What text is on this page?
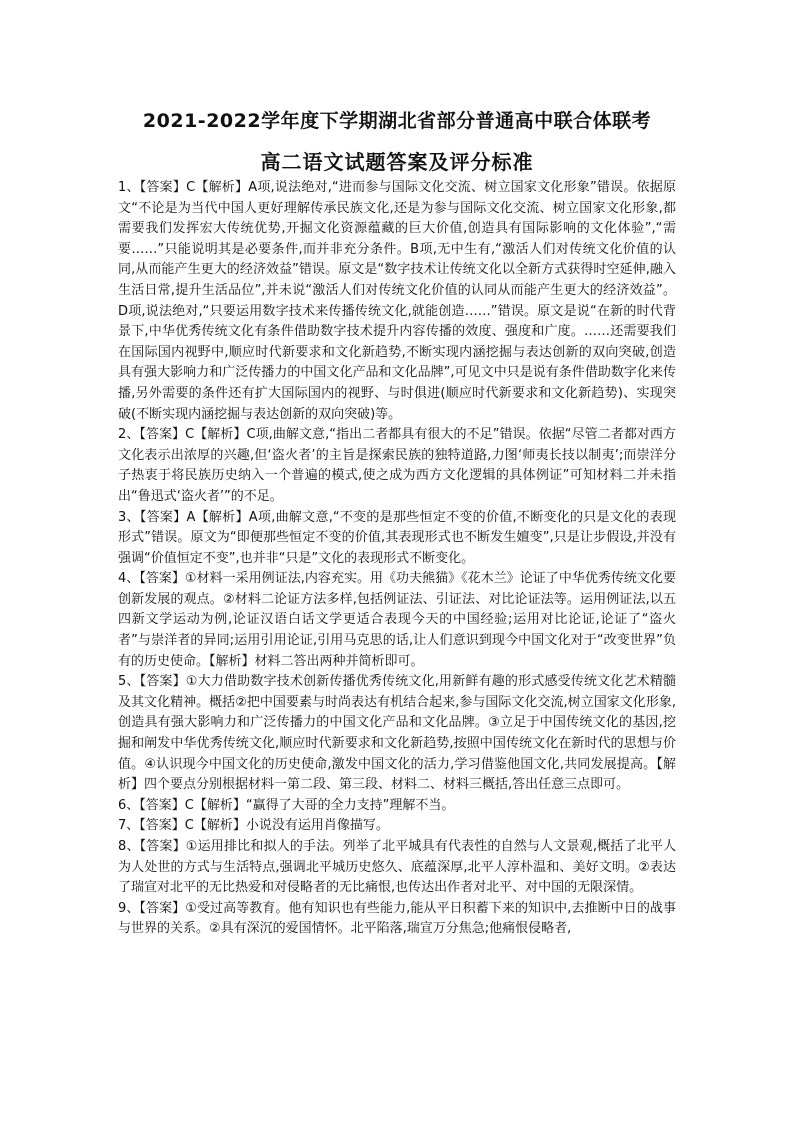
2021-2022学年度下学期湖北省部分普通高中联合体联考
高二语文试题答案及评分标准

1、【答案】C【解析】A项,说法绝对,“进而参与国际文化交流、树立国家文化形象”错误。依据原文“不论是为当代中国人更好理解传承民族文化,还是为参与国际文化交流、树立国家文化形象,都需要我们发挥宏大传统优势,开掘文化资源蕴藏的巨大价值,创造具有国际影响的文化体验”,“需要……”只能说明其是必要条件,而并非充分条件。B项,无中生有,“激活人们对传统文化价值的认同,从而能产生更大的经济效益”错误。原文是“数字技术让传统文化以全新方式获得时空延伸,融入生活日常,提升生活品位”,并未说“激活人们对传统文化价值的认同从而能产生更大的经济效益”。D项,说法绝对,“只要运用数字技术来传播传统文化,就能创造……”错误。原文是说“在新的时代背景下,中华优秀传统文化有条件借助数字技术提升内容传播的效度、强度和广度。……还需要我们在国际国内视野中,顺应时代新要求和文化新趋势,不断实现内涵挖掘与表达创新的双向突破,创造具有强大影响力和广泛传播力的中国文化产品和文化品牌”,可见文中只是说有条件借助数字化来传播,另外需要的条件还有扩大国际国内的视野、与时俱进(顺应时代新要求和文化新趋势)、实现突破(不断实现内涵挖掘与表达创新的双向突破)等。

2、【答案】C【解析】C项,曲解文意,“指出二者都具有很大的不足”错误。依据“尽管二者都对西方文化表示出浓厚的兴趣,但‘盗火者’的主旨是探索民族的独特道路,力图‘师夷长技以制夷’;而崇洋分子热衷于将民族历史纳入一个普遍的模式,使之成为西方文化逻辑的具体例证”可知材料二并未指出“鲁迅式‘盗火者’”的不足。

3、【答案】A【解析】A项,曲解文意,“不变的是那些恒定不变的价值,不断变化的只是文化的表现形式”错误。原文为“即便那些恒定不变的价值,其表现形式也不断发生嬗变”,只是让步假设,并没有强调“价值恒定不变”,也并非“只是”文化的表现形式不断变化。

4、【答案】①材料一采用例证法,内容充实。用《功夫熊猫》《花木兰》论证了中华优秀传统文化要创新发展的观点。②材料二论证方法多样,包括例证法、引证法、对比论证法等。运用例证法,以五四新文学运动为例,论证汉语白话文学更适合表现今天的中国经验;运用对比论证,论证了“盗火者”与崇洋者的异同;运用引用论证,引用马克思的话,让人们意识到现今中国文化对于“改变世界”负有的历史使命。【解析】材料二答出两种并简析即可。

5、【答案】①大力借助数字技术创新传播优秀传统文化,用新鲜有趣的形式感受传统文化艺术精髓及其文化精神。概括②把中国要素与时尚表达有机结合起来,参与国际文化交流,树立国家文化形象,创造具有强大影响力和广泛传播力的中国文化产品和文化品牌。③立足于中国传统文化的基因,挖掘和阐发中华优秀传统文化,顺应时代新要求和文化新趋势,按照中国传统文化在新时代的思想与价值。④认识现今中国文化的历史使命,激发中国文化的活力,学习借鉴他国文化,共同发展提高。【解析】四个要点分别根据材料一第二段、第三段、材料二、材料三概括,答出任意三点即可。

6、【答案】C【解析】“赢得了大哥的全力支持”理解不当。

7、【答案】C【解析】小说没有运用肖像描写。

8、【答案】①运用排比和拟人的手法。列举了北平城具有代表性的自然与人文景观,概括了北平人为人处世的方式与生活特点,强调北平城历史悠久、底蕴深厚,北平人淳朴温和、美好文明。②表达了瑞宣对北平的无比热爱和对侵略者的无比痛恨,也传达出作者对北平、对中国的无限深情。

9、【答案】①受过高等教育。他有知识也有些能力,能从平日积蓄下来的知识中,去推断中日的战事与世界的关系。②具有深沉的爱国情怀。北平陷落,瑞宣万分焦急;他痛恨侵略者,
